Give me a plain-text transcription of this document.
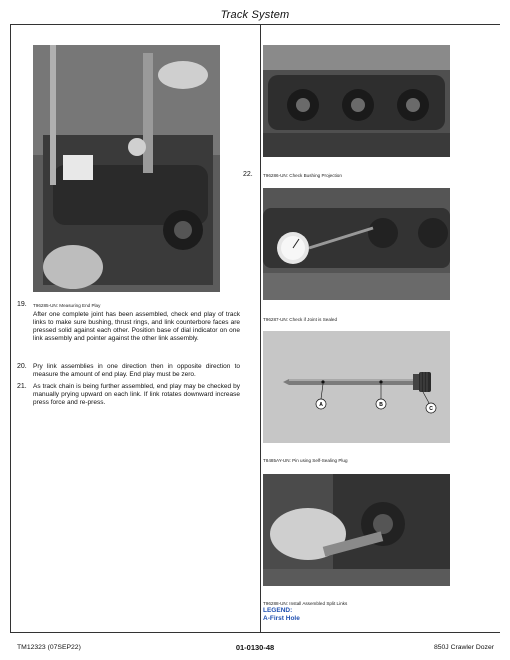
Track System
19. T96285-UN: Measuring End Play
After one complete joint has been assembled, check end play of track links to make sure bushing, thrust rings, and link counterbore faces are pressed solid against each other. Position base of dial indicator on one link assembly and pointer against the other link assembly.
20. Pry link assemblies in one direction then in opposite direction to measure the amount of end play. End play must be zero.
21. As track chain is being further assembled, end play may be checked by manually prying upward on each link. If link rotates downward increase press force and re-press.
22. T96286-UN: Check Bushing Projection
T96287-UN: Check if Joint is Sealed
A	B
C
T8485AY-UN: Pin using Self-Sealing Plug
T96288-UN: Install Assembled Split Links
LEGEND:
A-First Hole
TM12323 (07SEP22)	01-0130-48	850J Crawler Dozer
